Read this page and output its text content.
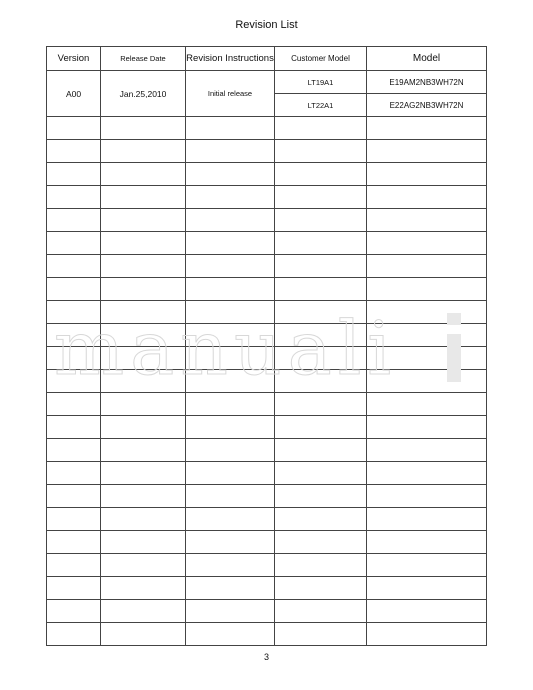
Revision List
Version	Release Date	Revision Instructions	Customer Model	Model
A00	Jan.25,2010	Initial release	LT19A1	E19AM2NB3WH72N
			LT22A1	E22AG2NB3WH72N

manuali
3
